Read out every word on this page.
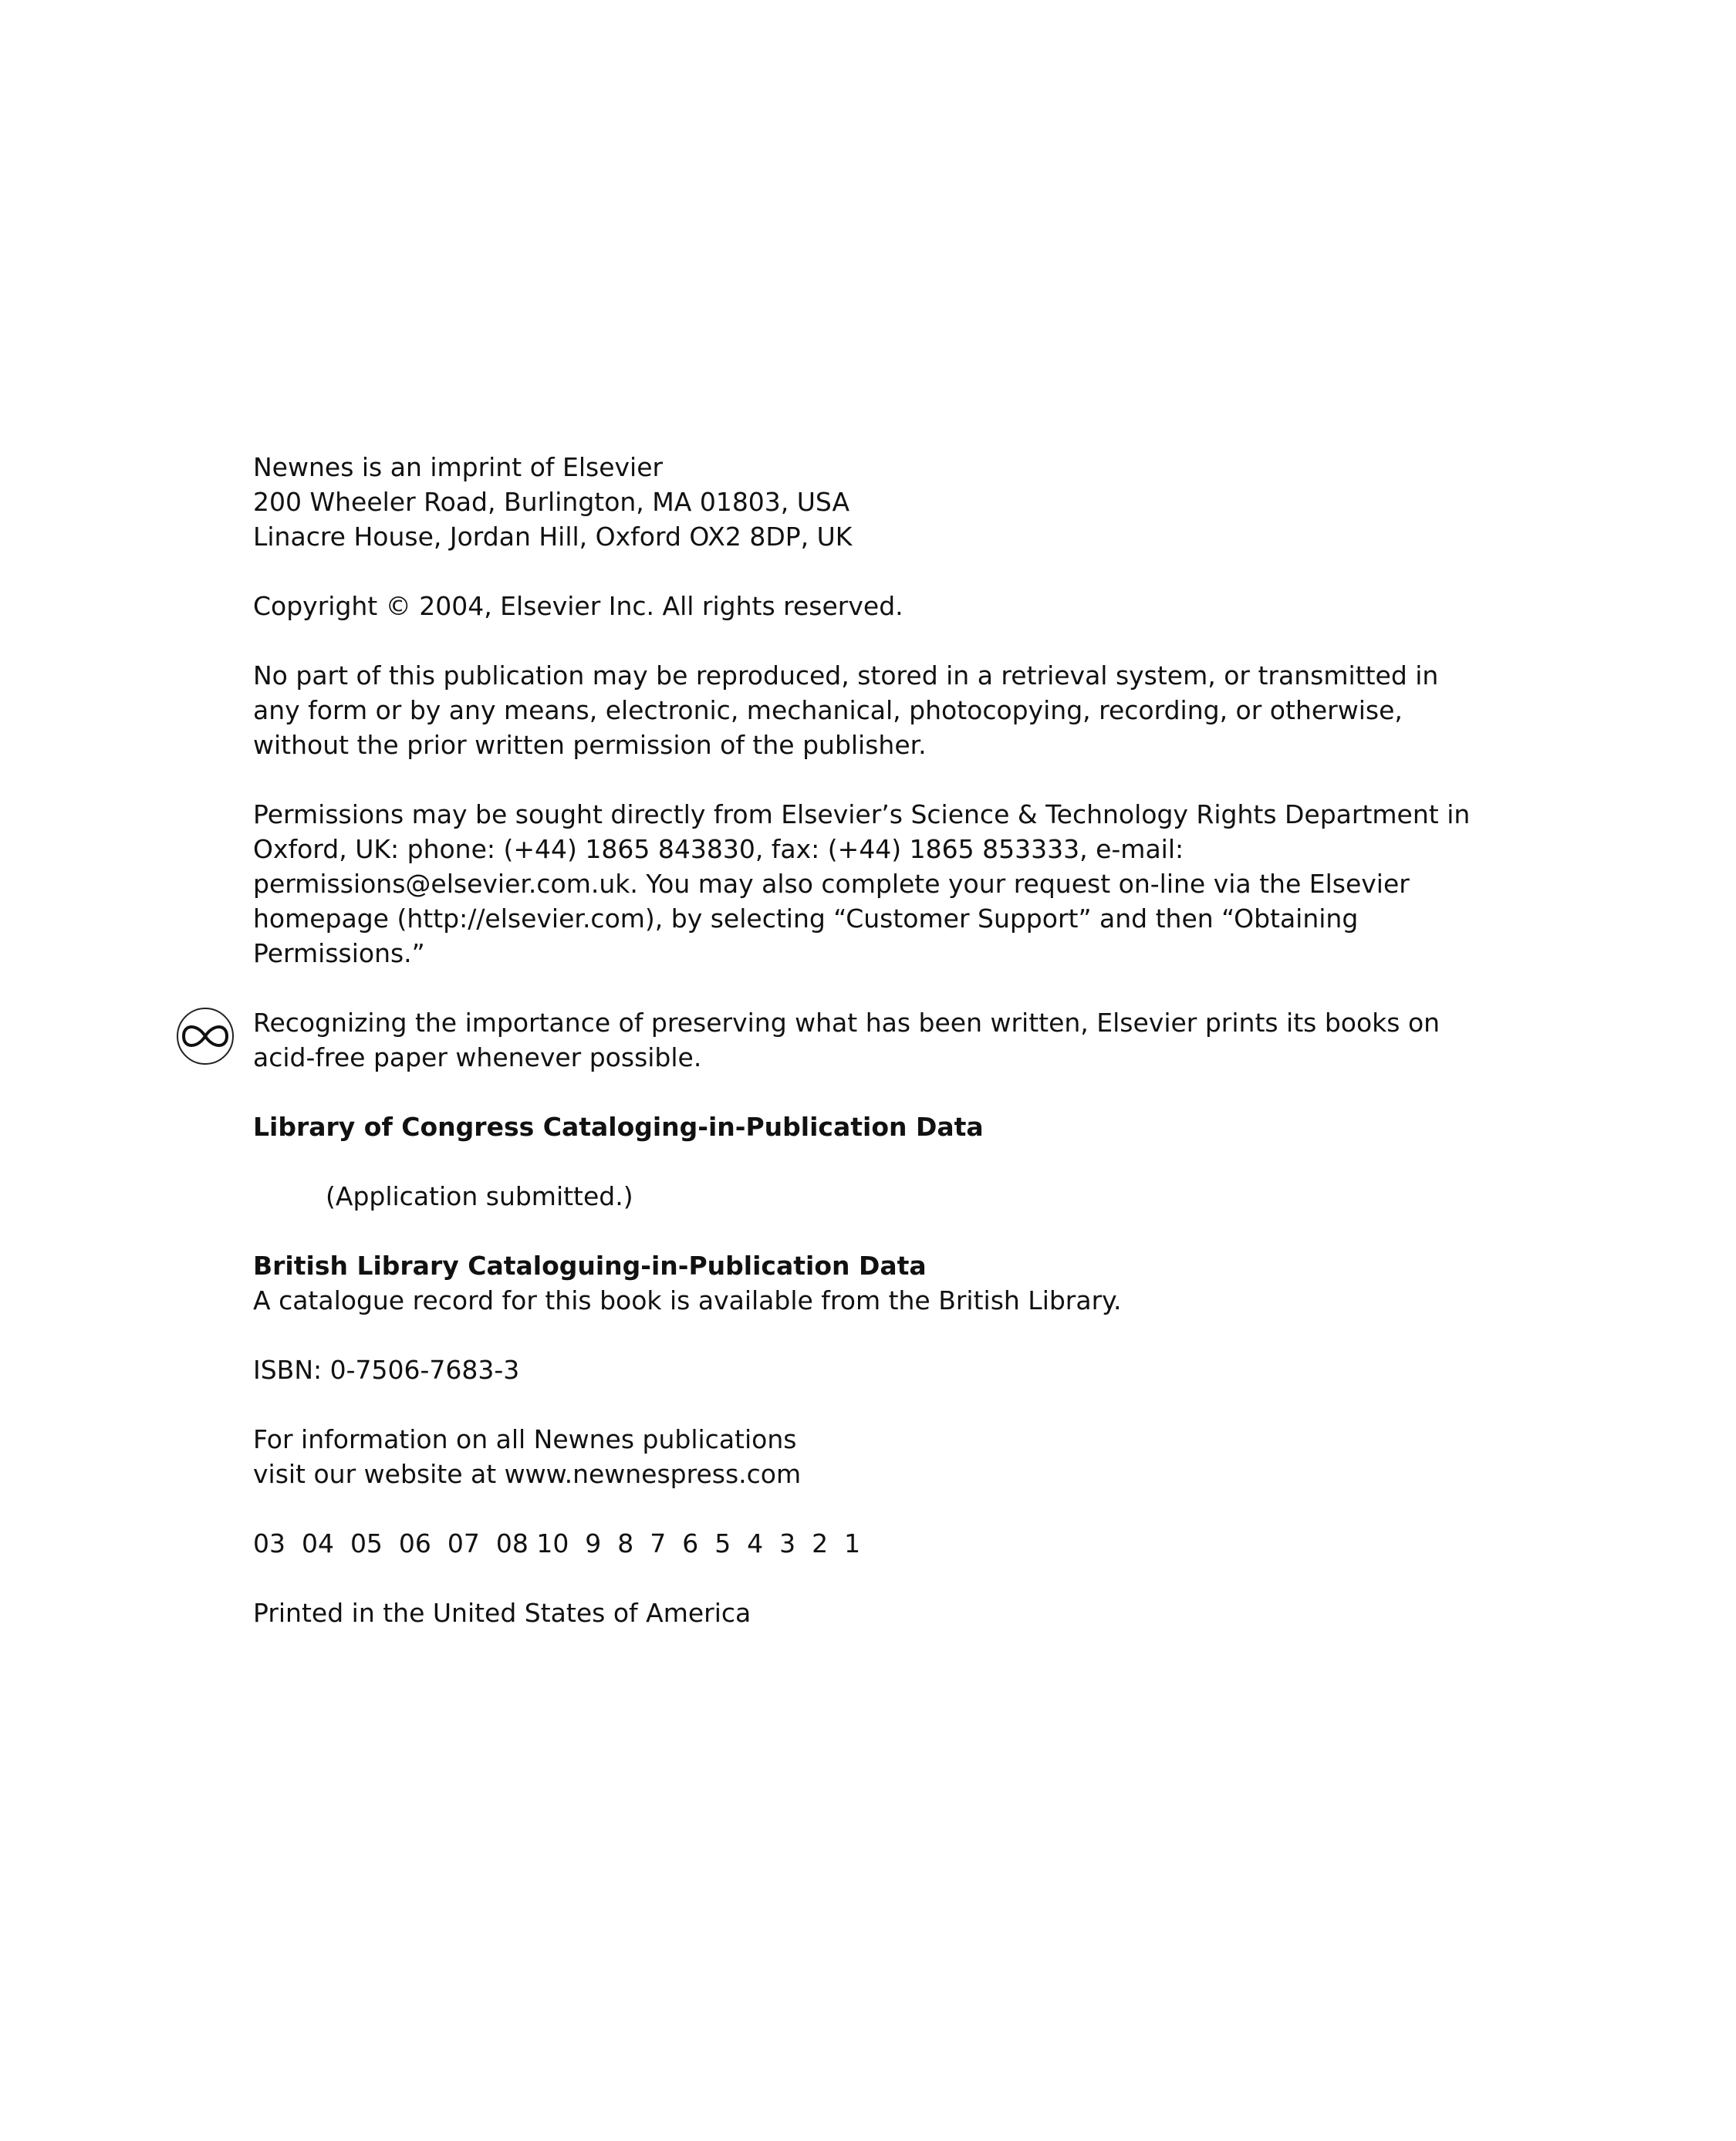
Newnes is an imprint of Elsevier
200 Wheeler Road, Burlington, MA 01803, USA
Linacre House, Jordan Hill, Oxford OX2 8DP, UK
Copyright © 2004, Elsevier Inc. All rights reserved.
No part of this publication may be reproduced, stored in a retrieval system, or transmitted in
any form or by any means, electronic, mechanical, photocopying, recording, or otherwise,
without the prior written permission of the publisher.
Permissions may be sought directly from Elsevier’s Science & Technology Rights Department in
Oxford, UK: phone: (+44) 1865 843830, fax: (+44) 1865 853333, e-mail:
permissions@elsevier.com.uk. You may also complete your request on-line via the Elsevier
homepage (http://elsevier.com), by selecting “Customer Support” and then “Obtaining
Permissions.”
Recognizing the importance of preserving what has been written, Elsevier prints its books on
acid-free paper whenever possible.
Library of Congress Cataloging-in-Publication Data
(Application submitted.)
British Library Cataloguing-in-Publication Data
A catalogue record for this book is available from the British Library.
ISBN: 0-7506-7683-3
For information on all Newnes publications
visit our website at www.newnespress.com
03  04  05  06  07  08 10  9  8  7  6  5  4  3  2  1
Printed in the United States of America
